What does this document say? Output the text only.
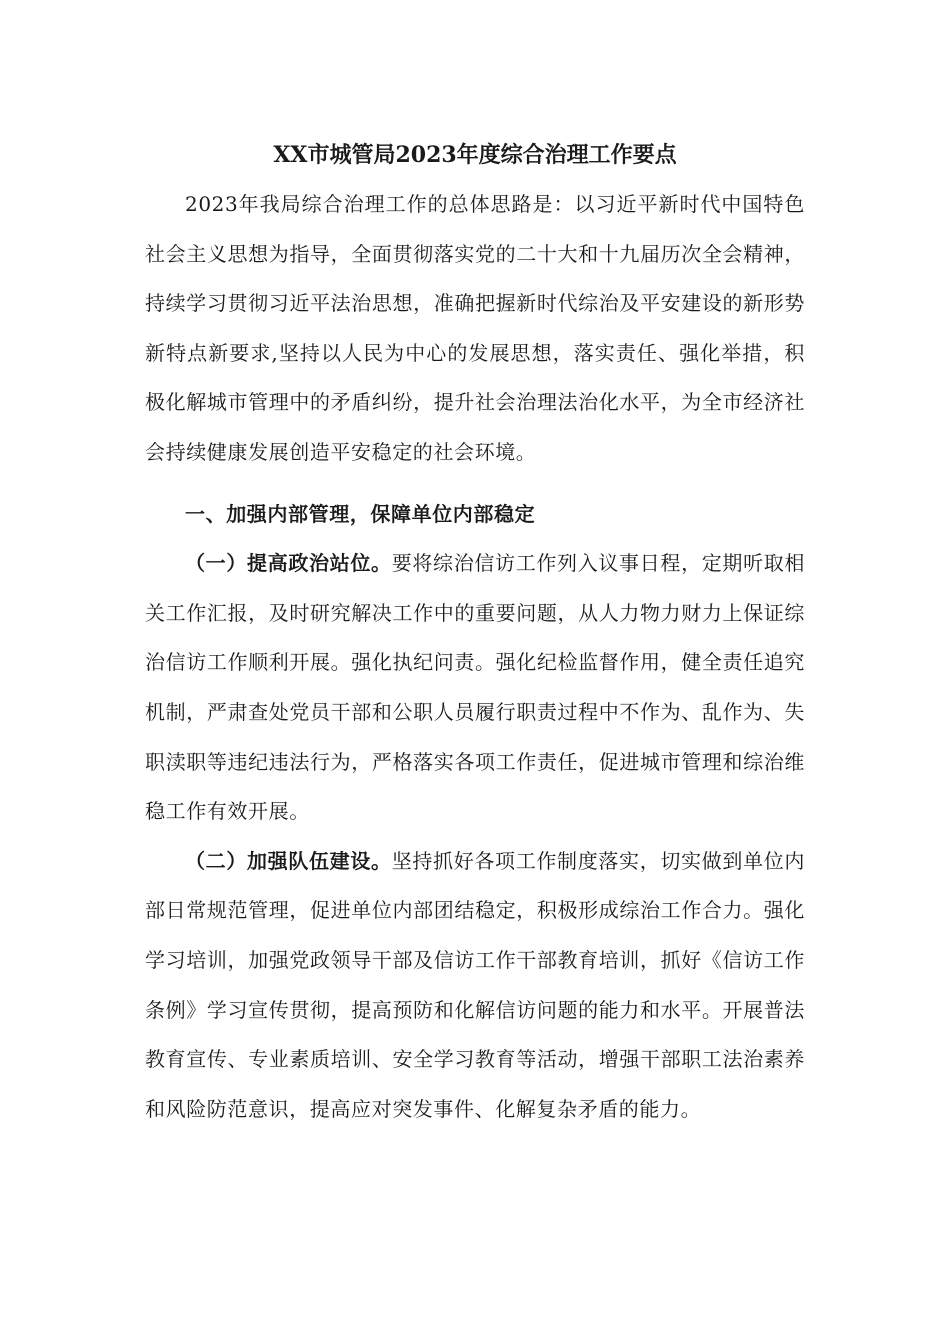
XX市城管局2023年度综合治理工作要点

2023年我局综合治理工作的总体思路是：以习近平新时代中国特色社会主义思想为指导，全面贯彻落实党的二十大和十九届历次全会精神，持续学习贯彻习近平法治思想，准确把握新时代综治及平安建设的新形势新特点新要求,坚持以人民为中心的发展思想，落实责任、强化举措，积极化解城市管理中的矛盾纠纷，提升社会治理法治化水平，为全市经济社会持续健康发展创造平安稳定的社会环境。

一、加强内部管理，保障单位内部稳定

（一）提高政治站位。要将综治信访工作列入议事日程，定期听取相关工作汇报，及时研究解决工作中的重要问题，从人力物力财力上保证综治信访工作顺利开展。强化执纪问责。强化纪检监督作用，健全责任追究机制，严肃查处党员干部和公职人员履行职责过程中不作为、乱作为、失职渎职等违纪违法行为，严格落实各项工作责任，促进城市管理和综治维稳工作有效开展。

（二）加强队伍建设。坚持抓好各项工作制度落实，切实做到单位内部日常规范管理，促进单位内部团结稳定，积极形成综治工作合力。强化学习培训，加强党政领导干部及信访工作干部教育培训，抓好《信访工作条例》学习宣传贯彻，提高预防和化解信访问题的能力和水平。开展普法教育宣传、专业素质培训、安全学习教育等活动，增强干部职工法治素养和风险防范意识，提高应对突发事件、化解复杂矛盾的能力。
